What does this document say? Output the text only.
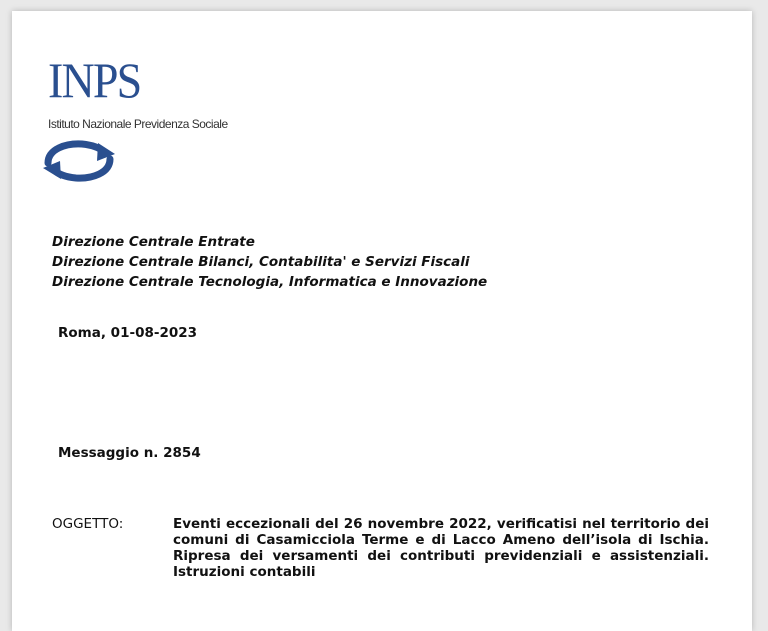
INPS
Istituto Nazionale Previdenza Sociale
Direzione Centrale Entrate
Direzione Centrale Bilanci, Contabilita' e Servizi Fiscali
Direzione Centrale Tecnologia, Informatica e Innovazione
Roma, 01-08-2023
Messaggio n. 2854
OGGETTO:	Eventi eccezionali del 26 novembre 2022, verificatisi nel territorio dei comuni di Casamicciola Terme e di Lacco Ameno dell’isola di Ischia. Ripresa dei versamenti dei contributi previdenziali e assistenziali. Istruzioni contabili
